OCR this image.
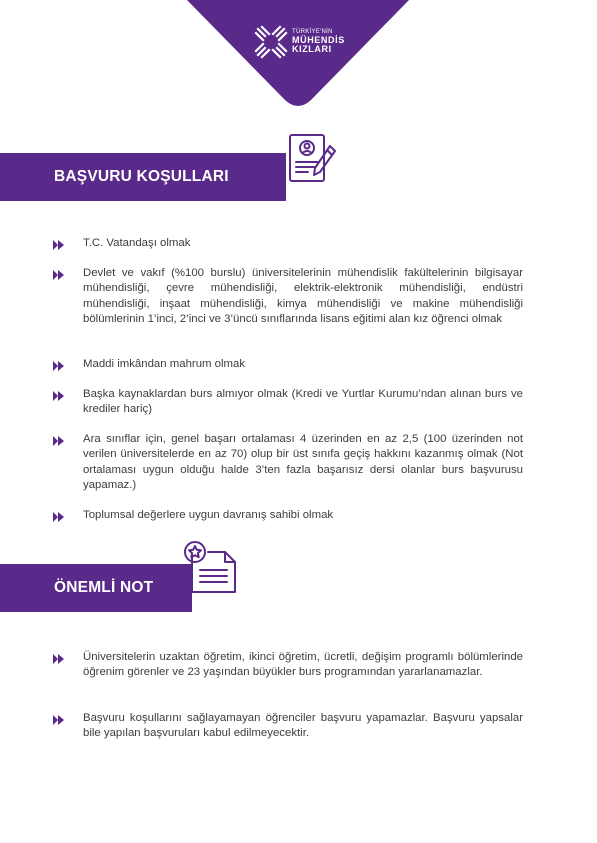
TÜRKİYE'NİN
MÜHENDİS
KIZLARI
BAŞVURU KOŞULLARI
T.C. Vatandaşı olmak
Devlet ve vakıf (%100 burslu) üniversitelerinin mühendislik fakültelerinin bilgisayar mühendisliği, çevre mühendisliği, elektrik-elektronik mühendisliği, endüstri mühendisliği, inşaat mühendisliği, kimya mühendisliği ve makine mühendisliği bölümlerinin 1’inci, 2’inci ve 3’üncü sınıflarında lisans eğitimi alan kız öğrenci olmak
Maddi imkândan mahrum olmak
Başka kaynaklardan burs almıyor olmak (Kredi ve Yurtlar Kurumu’ndan alınan burs ve krediler hariç)
Ara sınıflar için, genel başarı ortalaması 4 üzerinden en az 2,5 (100 üzerinden not verilen üniversitelerde en az 70) olup bir üst sınıfa geçiş hakkını kazanmış olmak (Not ortalaması uygun olduğu halde 3’ten fazla başarısız dersi olanlar burs başvurusu yapamaz.)
Toplumsal değerlere uygun davranış sahibi olmak
ÖNEMLİ NOT
Üniversitelerin uzaktan öğretim, ikinci öğretim, ücretli, değişim programlı bölümlerinde öğrenim görenler ve 23 yaşından büyükler burs programından yararlanamazlar.
Başvuru koşullarını sağlayamayan öğrenciler başvuru yapamazlar. Başvuru yapsalar bile yapılan başvuruları kabul edilmeyecektir.
